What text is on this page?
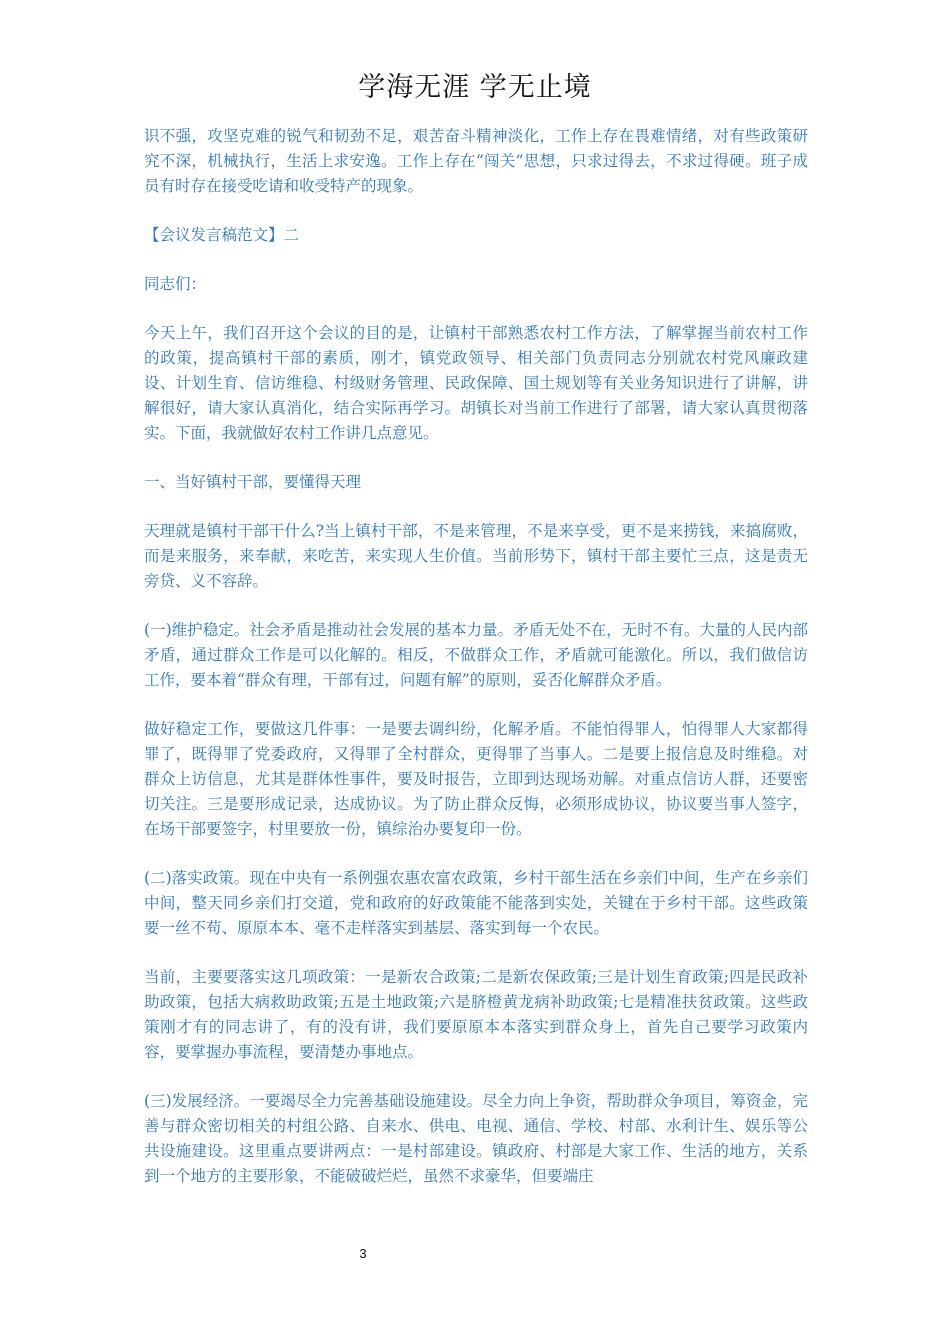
学海无涯 学无止境

识不强，攻坚克难的锐气和韧劲不足，艰苦奋斗精神淡化，工作上存在畏难情绪，对有些政策研究不深，机械执行，生活上求安逸。工作上存在“闯关”思想，只求过得去，不求过得硬。班子成员有时存在接受吃请和收受特产的现象。

【会议发言稿范文】二

同志们：

今天上午，我们召开这个会议的目的是，让镇村干部熟悉农村工作方法，了解掌握当前农村工作的政策，提高镇村干部的素质，刚才，镇党政领导、相关部门负责同志分别就农村党风廉政建设、计划生育、信访维稳、村级财务管理、民政保障、国土规划等有关业务知识进行了讲解，讲解很好，请大家认真消化，结合实际再学习。胡镇长对当前工作进行了部署，请大家认真贯彻落实。下面，我就做好农村工作讲几点意见。

一、当好镇村干部，要懂得天理

天理就是镇村干部干什么?当上镇村干部，不是来管理，不是来享受，更不是来捞钱，来搞腐败，而是来服务，来奉献，来吃苦，来实现人生价值。当前形势下，镇村干部主要忙三点，这是责无旁贷、义不容辞。

(一)维护稳定。社会矛盾是推动社会发展的基本力量。矛盾无处不在，无时不有。大量的人民内部矛盾，通过群众工作是可以化解的。相反，不做群众工作，矛盾就可能激化。所以，我们做信访工作，要本着“群众有理，干部有过，问题有解”的原则，妥否化解群众矛盾。

做好稳定工作，要做这几件事：一是要去调纠纷，化解矛盾。不能怕得罪人，怕得罪人大家都得罪了，既得罪了党委政府，又得罪了全村群众，更得罪了当事人。二是要上报信息及时维稳。对群众上访信息，尤其是群体性事件，要及时报告，立即到达现场劝解。对重点信访人群，还要密切关注。三是要形成记录，达成协议。为了防止群众反悔，必须形成协议，协议要当事人签字，在场干部要签字，村里要放一份，镇综治办要复印一份。

(二)落实政策。现在中央有一系例强农惠农富农政策，乡村干部生活在乡亲们中间，生产在乡亲们中间，整天同乡亲们打交道，党和政府的好政策能不能落到实处，关键在于乡村干部。这些政策要一丝不苟、原原本本、毫不走样落实到基层、落实到每一个农民。

当前，主要要落实这几项政策：一是新农合政策;二是新农保政策;三是计划生育政策;四是民政补助政策，包括大病救助政策;五是土地政策;六是脐橙黄龙病补助政策;七是精准扶贫政策。这些政策刚才有的同志讲了，有的没有讲，我们要原原本本落实到群众身上，首先自己要学习政策内容，要掌握办事流程，要清楚办事地点。

(三)发展经济。一要竭尽全力完善基础设施建设。尽全力向上争资，帮助群众争项目，筹资金，完善与群众密切相关的村组公路、自来水、供电、电视、通信、学校、村部、水利计生、娱乐等公共设施建设。这里重点要讲两点：一是村部建设。镇政府、村部是大家工作、生活的地方，关系到一个地方的主要形象，不能破破烂烂，虽然不求豪华，但要端庄

3
